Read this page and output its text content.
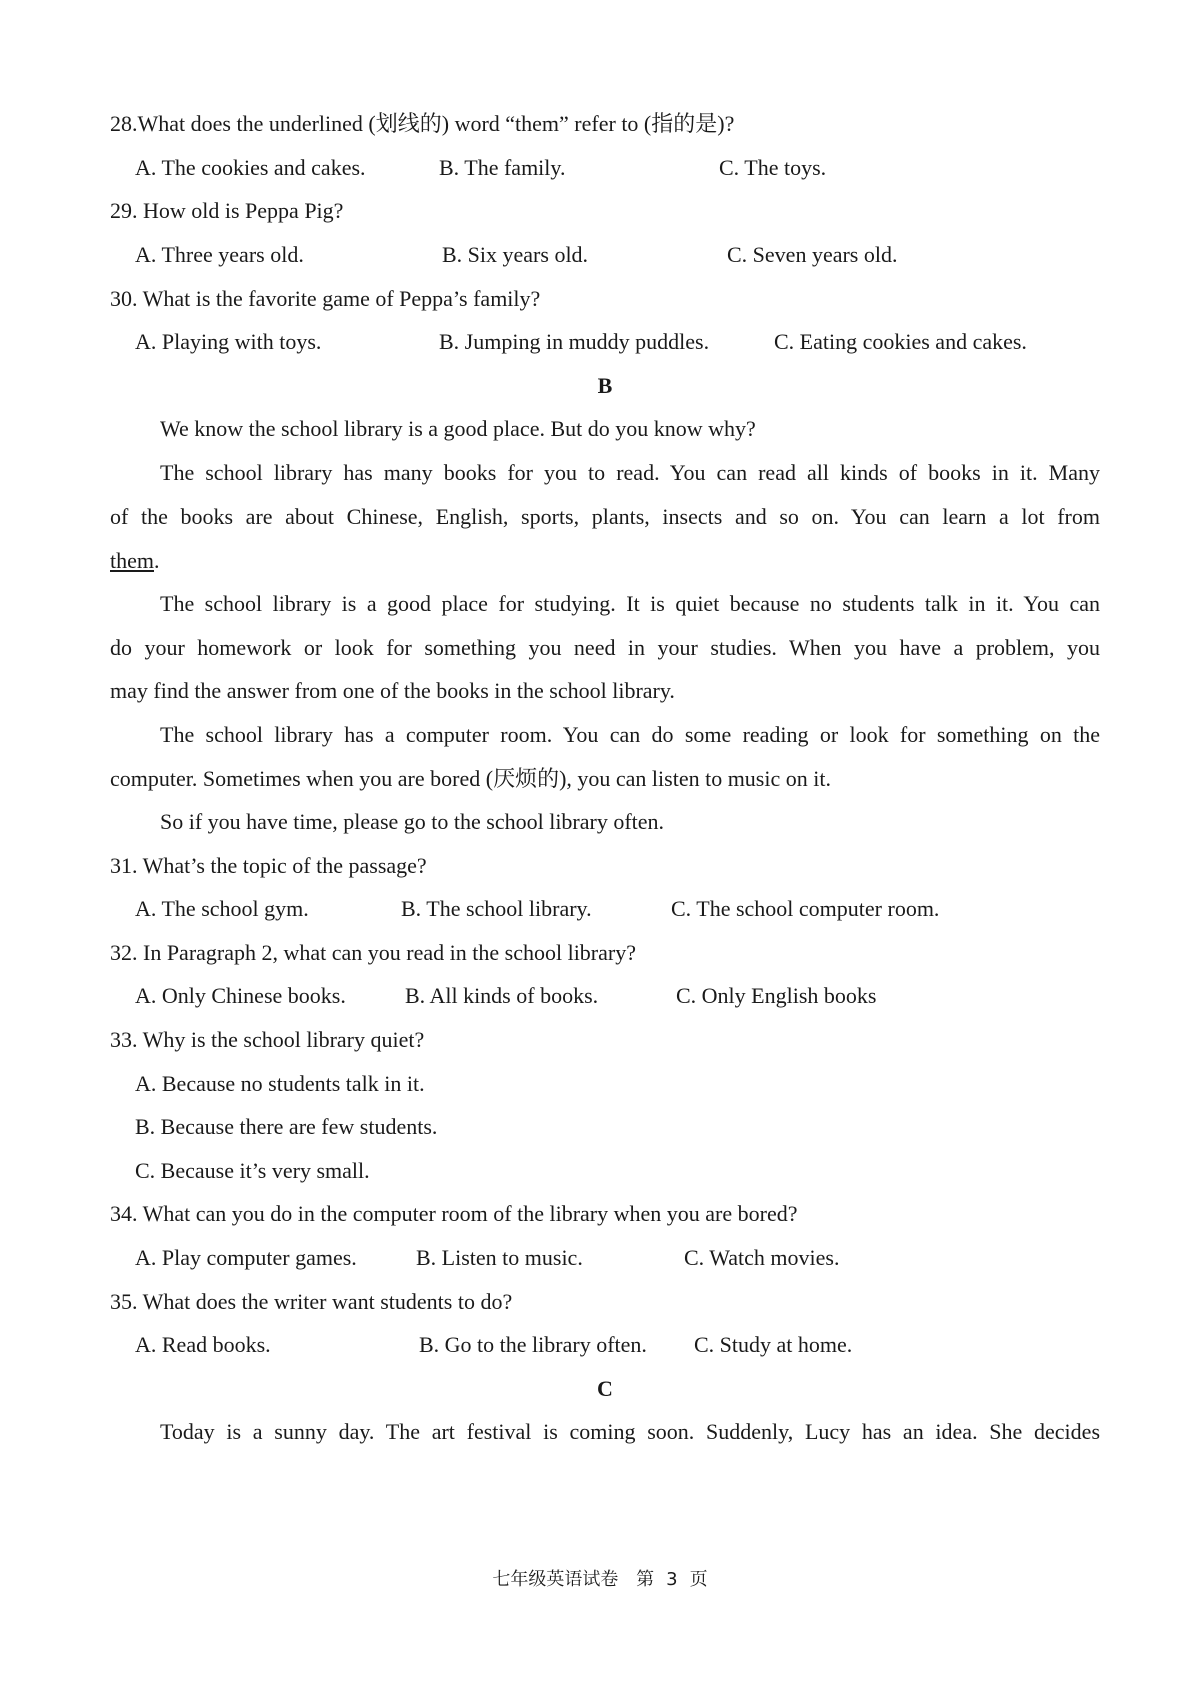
28.What does the underlined (划线的) word “them” refer to (指的是)?
A. The cookies and cakes.	B. The family.	C. The toys.
29. How old is Peppa Pig?
A. Three years old.	B. Six years old.	C. Seven years old.
30. What is the favorite game of Peppa’s family?
A. Playing with toys.	B. Jumping in muddy puddles.	C. Eating cookies and cakes.
B
We know the school library is a good place. But do you know why?
The school library has many books for you to read. You can read all kinds of books in it. Many
of the books are about Chinese, English, sports, plants, insects and so on. You can learn a lot from
them.
The school library is a good place for studying. It is quiet because no students talk in it. You can
do your homework or look for something you need in your studies. When you have a problem, you
may find the answer from one of the books in the school library.
The school library has a computer room. You can do some reading or look for something on the
computer. Sometimes when you are bored (厌烦的), you can listen to music on it.
So if you have time, please go to the school library often.
31. What’s the topic of the passage?
A. The school gym.	B. The school library.	C. The school computer room.
32. In Paragraph 2, what can you read in the school library?
A. Only Chinese books.	B. All kinds of books.	C. Only English books
33. Why is the school library quiet?
A. Because no students talk in it.
B. Because there are few students.
C. Because it’s very small.
34. What can you do in the computer room of the library when you are bored?
A. Play computer games.	B. Listen to music.	C. Watch movies.
35. What does the writer want students to do?
A. Read books.	B. Go to the library often. C. Study at home.
C
Today is a sunny day. The art festival is coming soon. Suddenly, Lucy has an idea. She decides
七年级英语试卷 第 3 页
